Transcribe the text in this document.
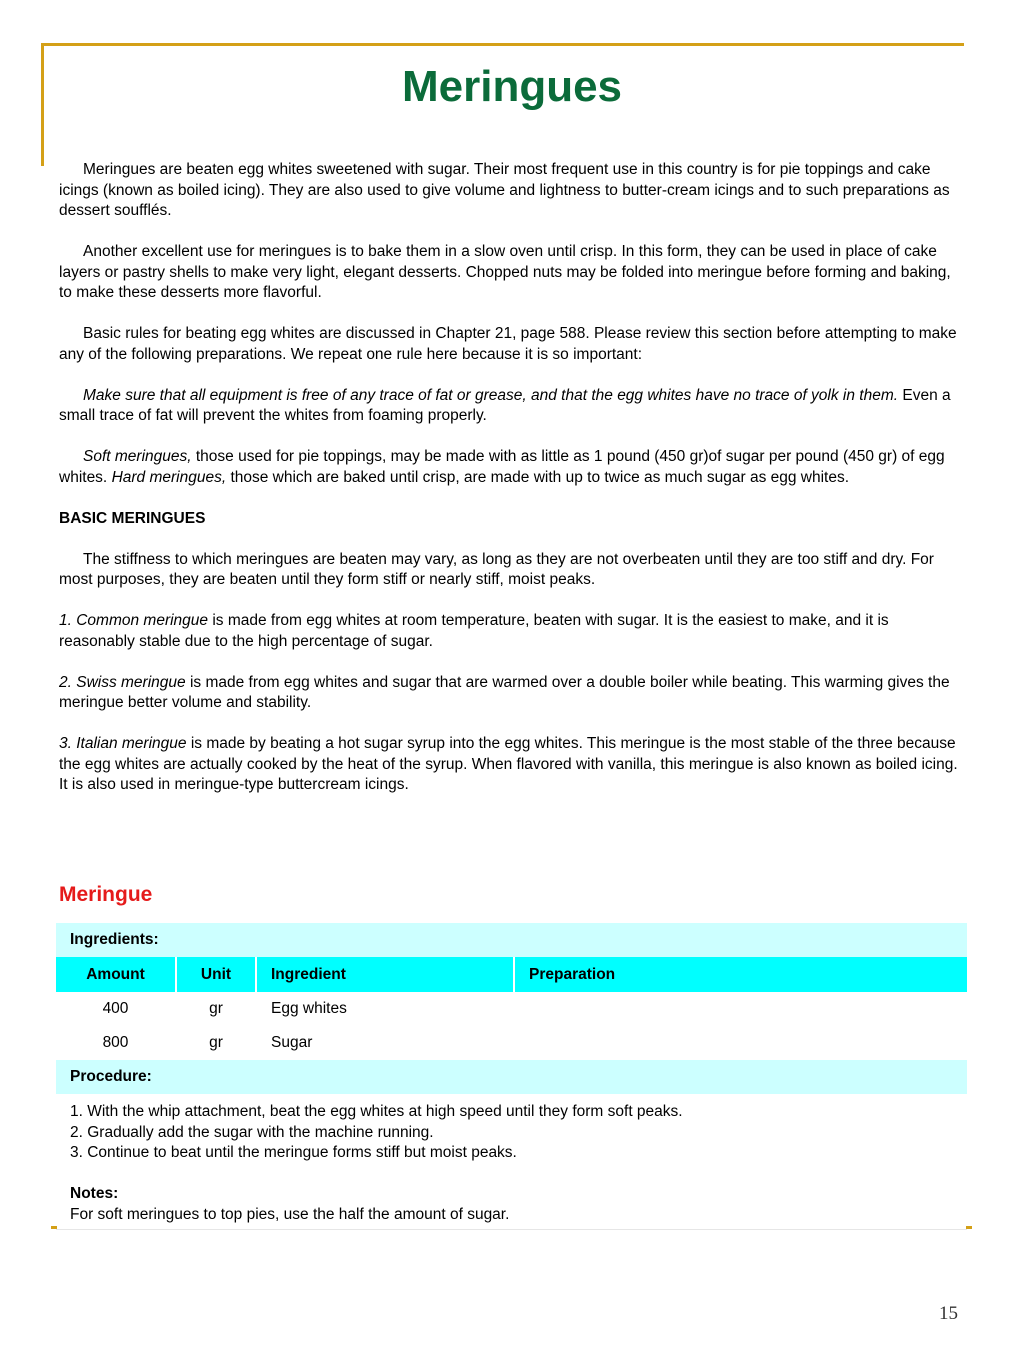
Meringues

Meringues are beaten egg whites sweetened with sugar. Their most frequent use in this country is for pie toppings and cake icings (known as boiled icing). They are also used to give volume and lightness to butter-cream icings and to such preparations as dessert soufflés.

Another excellent use for meringues is to bake them in a slow oven until crisp. In this form, they can be used in place of cake layers or pastry shells to make very light, elegant desserts. Chopped nuts may be folded into meringue before forming and baking, to make these desserts more flavorful.

Basic rules for beating egg whites are discussed in Chapter 21, page 588. Please review this section before attempting to make any of the following preparations. We repeat one rule here because it is so important:

Make sure that all equipment is free of any trace of fat or grease, and that the egg whites have no trace of yolk in them. Even a small trace of fat will prevent the whites from foaming properly.

Soft meringues, those used for pie toppings, may be made with as little as 1 pound (450 gr)of sugar per pound (450 gr) of egg whites. Hard meringues, those which are baked until crisp, are made with up to twice as much sugar as egg whites.

BASIC MERINGUES

The stiffness to which meringues are beaten may vary, as long as they are not overbeaten until they are too stiff and dry. For most purposes, they are beaten until they form stiff or nearly stiff, moist peaks.

1. Common meringue is made from egg whites at room temperature, beaten with sugar. It is the easiest to make, and it is reasonably stable due to the high percentage of sugar.

2. Swiss meringue is made from egg whites and sugar that are warmed over a double boiler while beating. This warming gives the meringue better volume and stability.

3. Italian meringue is made by beating a hot sugar syrup into the egg whites. This meringue is the most stable of the three because the egg whites are actually cooked by the heat of the syrup. When flavored with vanilla, this meringue is also known as boiled icing. It is also used in meringue-type buttercream icings.

Meringue
Ingredients:
Amount	Unit	Ingredient	Preparation
400	gr	Egg whites
800	gr	Sugar
Procedure:

1. With the whip attachment, beat the egg whites at high speed until they form soft peaks.

2. Gradually add the sugar with the machine running.

3. Continue to beat until the meringue forms stiff but moist peaks.

Notes:

For soft meringues to top pies, use the half the amount of sugar.

15
